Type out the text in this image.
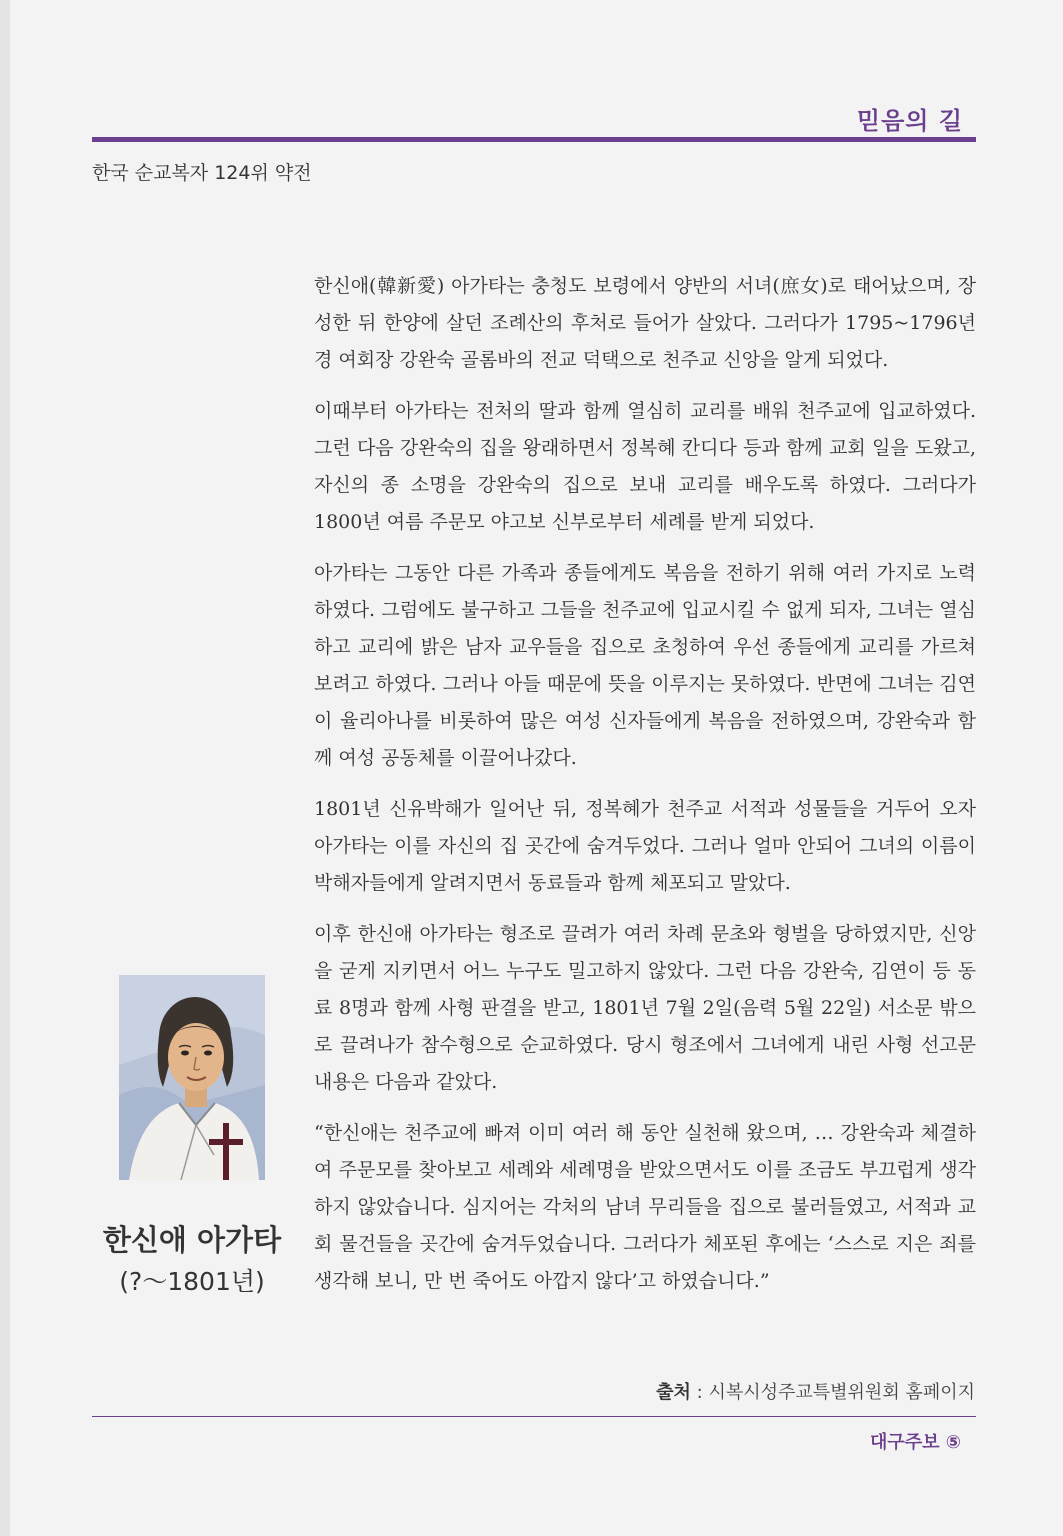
믿음의 길
한국 순교복자 124위 약전

한신애(韓新愛) 아가타는 충청도 보령에서 양반의 서녀(庶女)로 태어났으며, 장성한 뒤 한양에 살던 조례산의 후처로 들어가 살았다. 그러다가 1795~1796년경 여회장 강완숙 골롬바의 전교 덕택으로 천주교 신앙을 알게 되었다.

이때부터 아가타는 전처의 딸과 함께 열심히 교리를 배워 천주교에 입교하였다. 그런 다음 강완숙의 집을 왕래하면서 정복혜 칸디다 등과 함께 교회 일을 도왔고, 자신의 종 소명을 강완숙의 집으로 보내 교리를 배우도록 하였다. 그러다가 1800년 여름 주문모 야고보 신부로부터 세례를 받게 되었다.

아가타는 그동안 다른 가족과 종들에게도 복음을 전하기 위해 여러 가지로 노력하였다. 그럼에도 불구하고 그들을 천주교에 입교시킬 수 없게 되자, 그녀는 열심하고 교리에 밝은 남자 교우들을 집으로 초청하여 우선 종들에게 교리를 가르쳐 보려고 하였다. 그러나 아들 때문에 뜻을 이루지는 못하였다. 반면에 그녀는 김연이 율리아나를 비롯하여 많은 여성 신자들에게 복음을 전하였으며, 강완숙과 함께 여성 공동체를 이끌어나갔다.

1801년 신유박해가 일어난 뒤, 정복혜가 천주교 서적과 성물들을 거두어 오자 아가타는 이를 자신의 집 곳간에 숨겨두었다. 그러나 얼마 안되어 그녀의 이름이 박해자들에게 알려지면서 동료들과 함께 체포되고 말았다.

이후 한신애 아가타는 형조로 끌려가 여러 차례 문초와 형벌을 당하였지만, 신앙을 굳게 지키면서 어느 누구도 밀고하지 않았다. 그런 다음 강완숙, 김연이 등 동료 8명과 함께 사형 판결을 받고, 1801년 7월 2일(음력 5월 22일) 서소문 밖으로 끌려나가 참수형으로 순교하였다. 당시 형조에서 그녀에게 내린 사형 선고문 내용은 다음과 같았다.

“한신애는 천주교에 빠져 이미 여러 해 동안 실천해 왔으며, … 강완숙과 체결하여 주문모를 찾아보고 세례와 세례명을 받았으면서도 이를 조금도 부끄럽게 생각하지 않았습니다. 심지어는 각처의 남녀 무리들을 집으로 불러들였고, 서적과 교회 물건들을 곳간에 숨겨두었습니다. 그러다가 체포된 후에는 ‘스스로 지은 죄를 생각해 보니, 만 번 죽어도 아깝지 않다’고 하였습니다.”

한신애 아가타
(?～1801년)
출처 : 시복시성주교특별위원회 홈페이지
대구주보 ⑤
